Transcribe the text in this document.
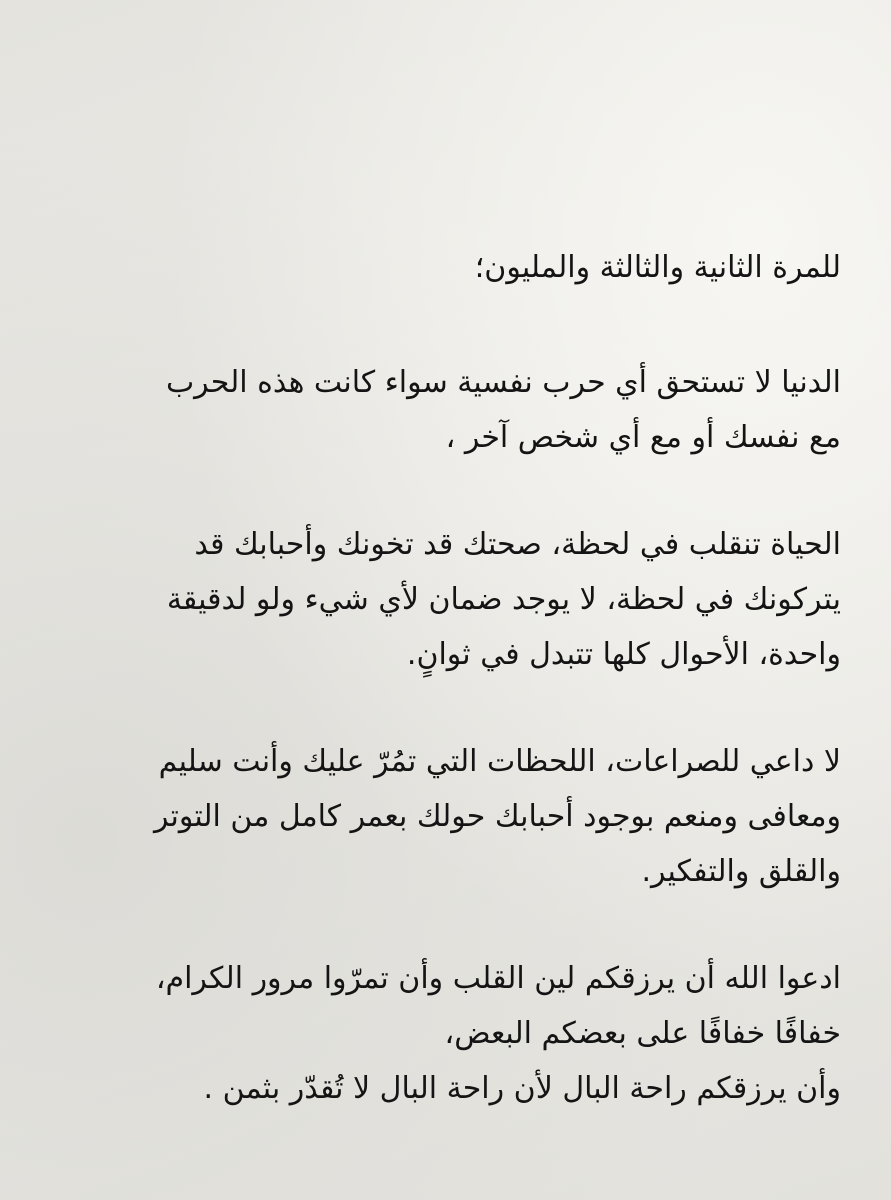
للمرة الثانية والثالثة والمليون؛
الدنيا لا تستحق أي حرب نفسية سواء كانت هذه الحرب
مع نفسك أو مع أي شخص آخر ،
الحياة تنقلب في لحظة، صحتك قد تخونك وأحبابك قد
يتركونك في لحظة، لا يوجد ضمان لأي شيء ولو لدقيقة
واحدة، الأحوال كلها تتبدل في ثوانٍ.
لا داعي للصراعات، اللحظات التي تمُرّ عليك وأنت سليم
ومعافى ومنعم بوجود أحبابك حولك بعمر كامل من التوتر
والقلق والتفكير.
ادعوا الله أن يرزقكم لين القلب وأن تمرّوا مرور الكرام،
خفافًا خفافًا على بعضكم البعض،
وأن يرزقكم راحة البال لأن راحة البال لا تُقدّر بثمن .
